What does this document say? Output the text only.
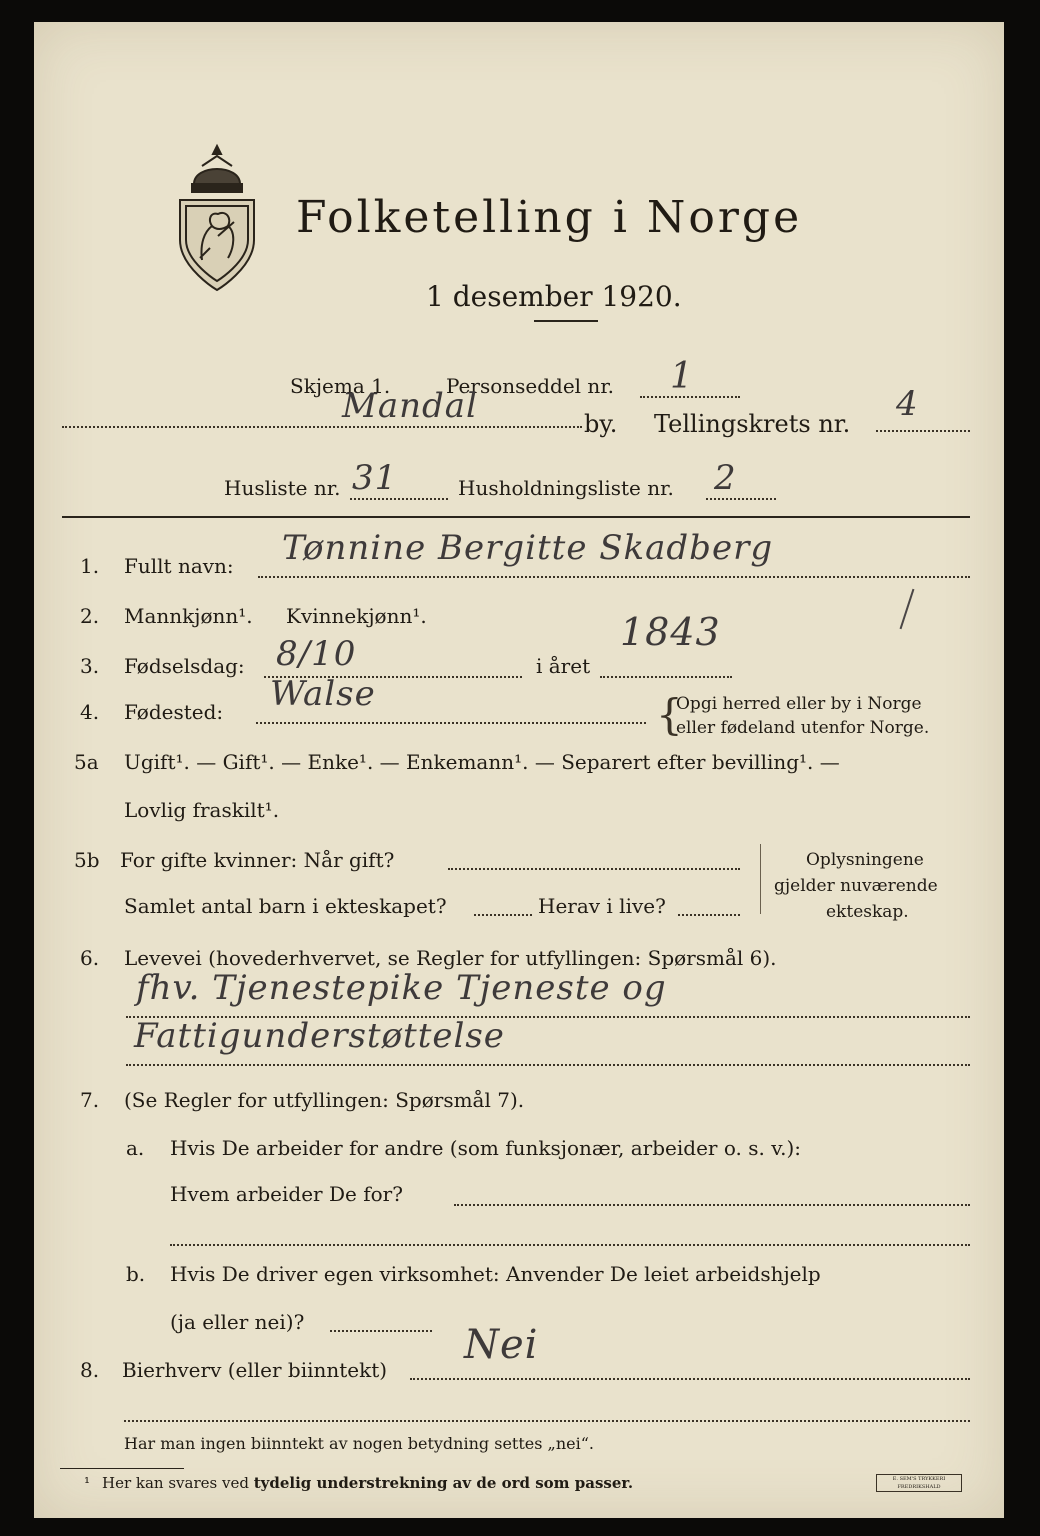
Folketelling i Norge
1 desember 1920.
Skjema 1.	Personseddel nr. 1
Mandal	by. Tellingskrets nr. 4
Husliste nr. 31	Husholdningsliste nr. 2
1. Fullt navn: Tønnine Bergitte Skadberg
2. Mannkjønn¹. Kvinnekjønn¹.
3. Fødselsdag: 8/10	i året
1843
4. Fødested: Walse	{
Opgi herred eller by i Norge
eller fødeland utenfor Norge.
5a Ugift¹. — Gift¹. — Enke¹. — Enkemann¹. — Separert efter bevilling¹. —
Lovlig fraskilt¹.
5b For gifte kvinner: Når gift?
Samlet antal barn i ekteskapet?	Herav i live?
Oplysningene
gjelder nuværende
ekteskap.
6. Levevei (hovederhvervet, se Regler for utfyllingen: Spørsmål 6).
fhv. Tjenestepike Tjeneste og
Fattigunderstøttelse
7. (Se Regler for utfyllingen: Spørsmål 7).
a. Hvis De arbeider for andre (som funksjonær, arbeider o. s. v.):
Hvem arbeider De for?
b. Hvis De driver egen virksomhet: Anvender De leiet arbeidshjelp
(ja eller nei)?
8. Bierhverv (eller biinntekt)
Nei
Har man ingen biinntekt av nogen betydning settes „nei“.
¹ Her kan svares ved tydelig understrekning av de ord som passer.	E. SEM'S TRYKKERI FREDRIKSHALD
